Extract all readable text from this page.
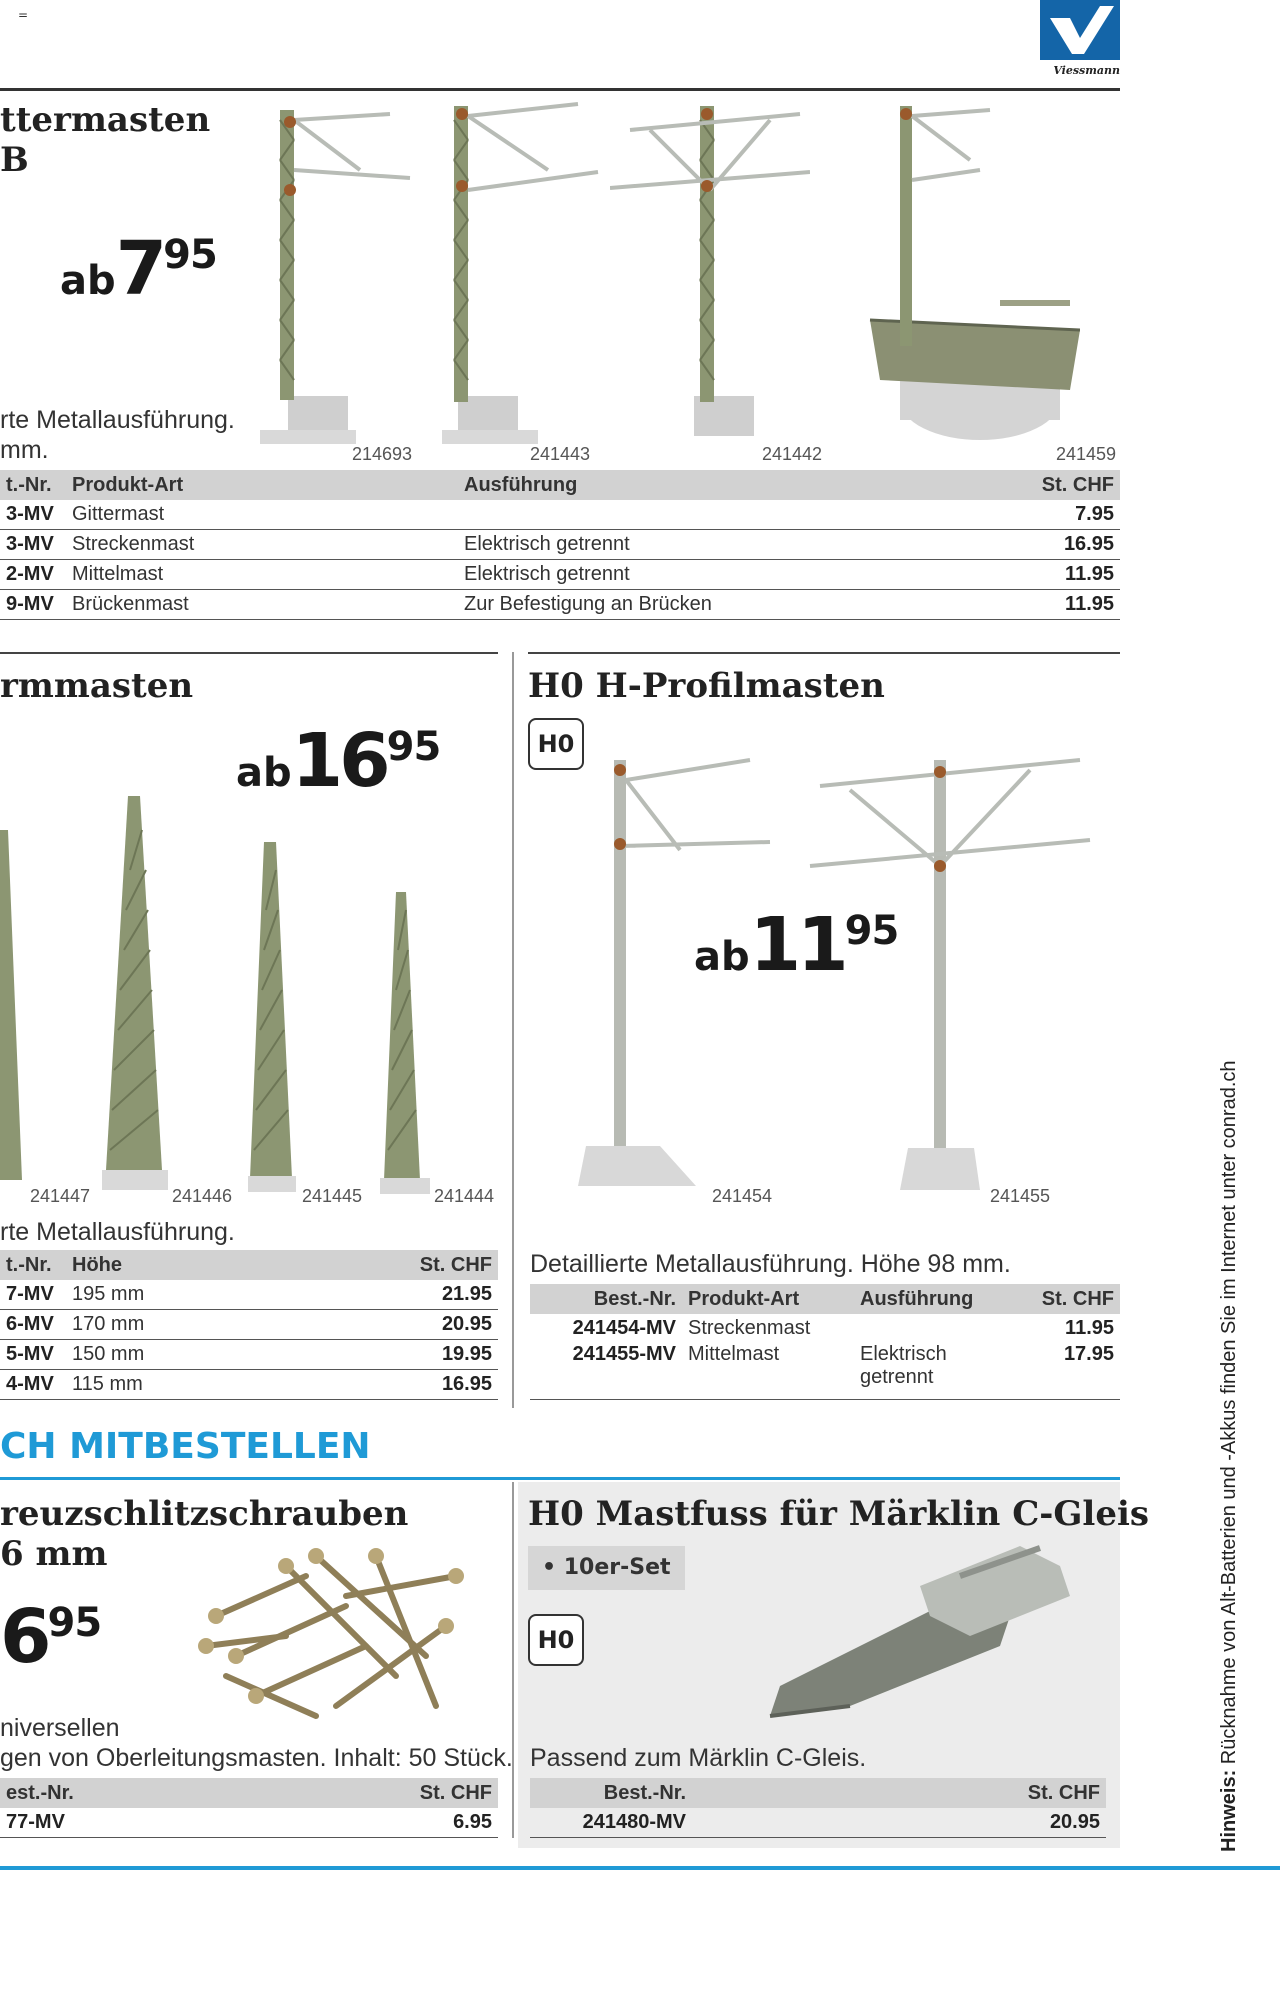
=
Viessmann
ttermasten
B
ab795
rte Metallausführung.
mm.	214693	241443	241442	241459
t.-Nr.	Produkt-Art	Ausführung	St. CHF
3-MV	Gittermast		7.95
3-MV	Streckenmast	Elektrisch getrennt	16.95
2-MV	Mittelmast	Elektrisch getrennt	11.95
9-MV	Brückenmast	Zur Befestigung an Brücken	11.95
rmmasten
ab1695
241447	241446	241445	241444
rte Metallausführung.
t.-Nr.	Höhe	St. CHF
7-MV	195 mm	21.95
6-MV	170 mm	20.95
5-MV	150 mm	19.95
4-MV	115 mm	16.95
H0 H-Profilmasten
H0
ab1195
241454	241455
Detaillierte Metallausführung. Höhe 98 mm.
Best.-Nr.	Produkt-Art	Ausführung	St. CHF
241454-MV	Streckenmast		11.95
241455-MV	Mittelmast	Elektrisch getrennt	17.95
CH MITBESTELLEN
reuzschlitzschrauben
6 mm
695
niversellen
gen von Oberleitungsmasten. Inhalt: 50 Stück.
est.-Nr.	St. CHF
77-MV	6.95
H0 Mastfuss für Märklin C-Gleis
• 10er-Set
H0
Passend zum Märklin C-Gleis.
Best.-Nr.	St. CHF
241480-MV	20.95	Hinweis: Rücknahme von Alt-Batterien und -Akkus finden Sie im Internet unter conrad.ch
